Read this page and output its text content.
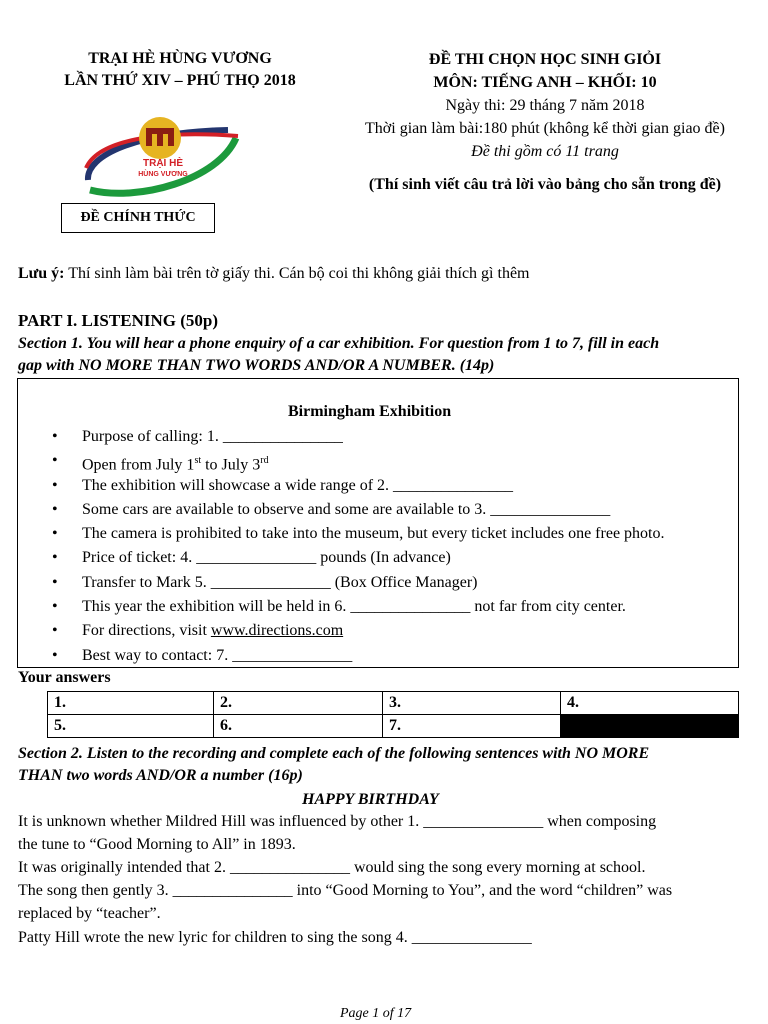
TRẠI HÈ HÙNG VƯƠNG
LẦN THỨ XIV – PHÚ THỌ 2018
TRẠI HÈ
HÙNG VƯƠNG
ĐỀ CHÍNH THỨC
ĐỀ THI CHỌN HỌC SINH GIỎI
MÔN: TIẾNG ANH – KHỐI: 10
Ngày thi: 29 tháng 7 năm 2018
Thời gian làm bài:180 phút (không kể thời gian giao đề)
Đề thi gồm có 11 trang
(Thí sinh viết câu trả lời vào bảng cho sẵn trong đề)
Lưu ý: Thí sinh làm bài trên tờ giấy thi. Cán bộ coi thi không giải thích gì thêm
PART I. LISTENING (50p)
Section 1. You will hear a phone enquiry of a car exhibition. For question from 1 to 7, fill in each
gap with NO MORE THAN TWO WORDS AND/OR A NUMBER. (14p)
Birmingham Exhibition
• Purpose of calling: 1. _______________
• Open from July 1st to July 3rd
• The exhibition will showcase a wide range of 2. _______________
• Some cars are available to observe and some are available to 3. _______________
• The camera is prohibited to take into the museum, but every ticket includes one free photo.
• Price of ticket: 4. _______________ pounds (In advance)
• Transfer to Mark 5. _______________ (Box Office Manager)
• This year the exhibition will be held in 6. _______________ not far from city center.
• For directions, visit www.directions.com
• Best way to contact: 7. _______________
Your answers
1.	2.	3.	4.
5.	6.	7.	
Section 2. Listen to the recording and complete each of the following sentences with NO MORE
THAN two words AND/OR a number (16p)
HAPPY BIRTHDAY
It is unknown whether Mildred Hill was influenced by other 1. _______________ when composing
the tune to “Good Morning to All” in 1893.
It was originally intended that 2. _______________ would sing the song every morning at school.
The song then gently 3. _______________ into “Good Morning to You”, and the word “children” was
replaced by “teacher”.
Patty Hill wrote the new lyric for children to sing the song 4. _______________
Page 1 of 17
